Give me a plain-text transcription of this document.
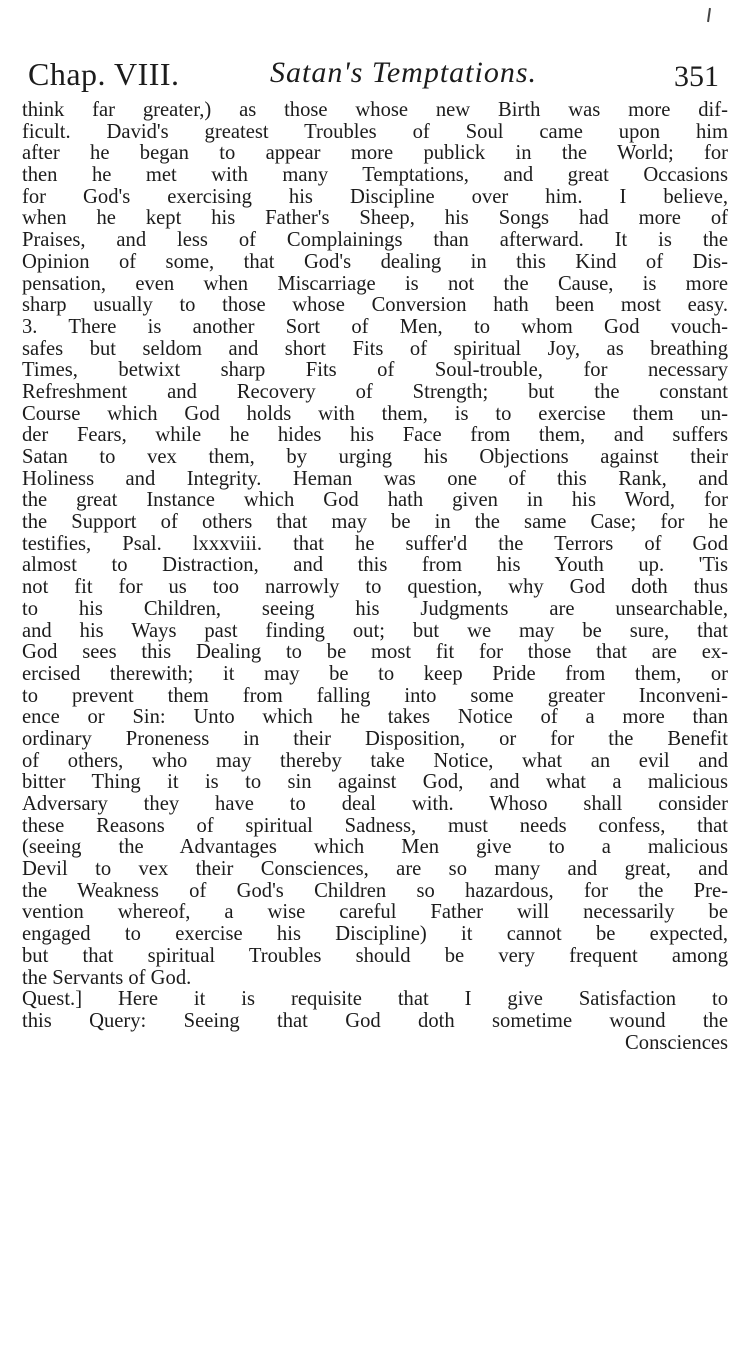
Chap. VIII.	Satan's Temptations.	351
think far greater,) as those whose new Birth was more dif-
ficult. David's greatest Troubles of Soul came upon him
after he began to appear more publick in the World; for
then he met with many Temptations, and great Occasions
for God's exercising his Discipline over him. I believe,
when he kept his Father's Sheep, his Songs had more of
Praises, and less of Complainings than afterward. It is the
Opinion of some, that God's dealing in this Kind of Dis-
pensation, even when Miscarriage is not the Cause, is more
sharp usually to those whose Conversion hath been most easy.
3. There is another Sort of Men, to whom God vouch-
safes but seldom and short Fits of spiritual Joy, as breathing
Times, betwixt sharp Fits of Soul-trouble, for necessary
Refreshment and Recovery of Strength; but the constant
Course which God holds with them, is to exercise them un-
der Fears, while he hides his Face from them, and suffers
Satan to vex them, by urging his Objections against their
Holiness and Integrity. Heman was one of this Rank, and
the great Instance which God hath given in his Word, for
the Support of others that may be in the same Case; for he
testifies, Psal. lxxxviii. that he suffer'd the Terrors of God
almost to Distraction, and this from his Youth up. 'Tis
not fit for us too narrowly to question, why God doth thus
to his Children, seeing his Judgments are unsearchable,
and his Ways past finding out; but we may be sure, that
God sees this Dealing to be most fit for those that are ex-
ercised therewith; it may be to keep Pride from them, or
to prevent them from falling into some greater Inconveni-
ence or Sin: Unto which he takes Notice of a more than
ordinary Proneness in their Disposition, or for the Benefit
of others, who may thereby take Notice, what an evil and
bitter Thing it is to sin against God, and what a malicious
Adversary they have to deal with. Whoso shall consider
these Reasons of spiritual Sadness, must needs confess, that
(seeing the Advantages which Men give to a malicious
Devil to vex their Consciences, are so many and great, and
the Weakness of God's Children so hazardous, for the Pre-
vention whereof, a wise careful Father will necessarily be
engaged to exercise his Discipline) it cannot be expected,
but that spiritual Troubles should be very frequent among
the Servants of God.
Quest.] Here it is requisite that I give Satisfaction to
this Query: Seeing that God doth sometime wound the
Consciences
